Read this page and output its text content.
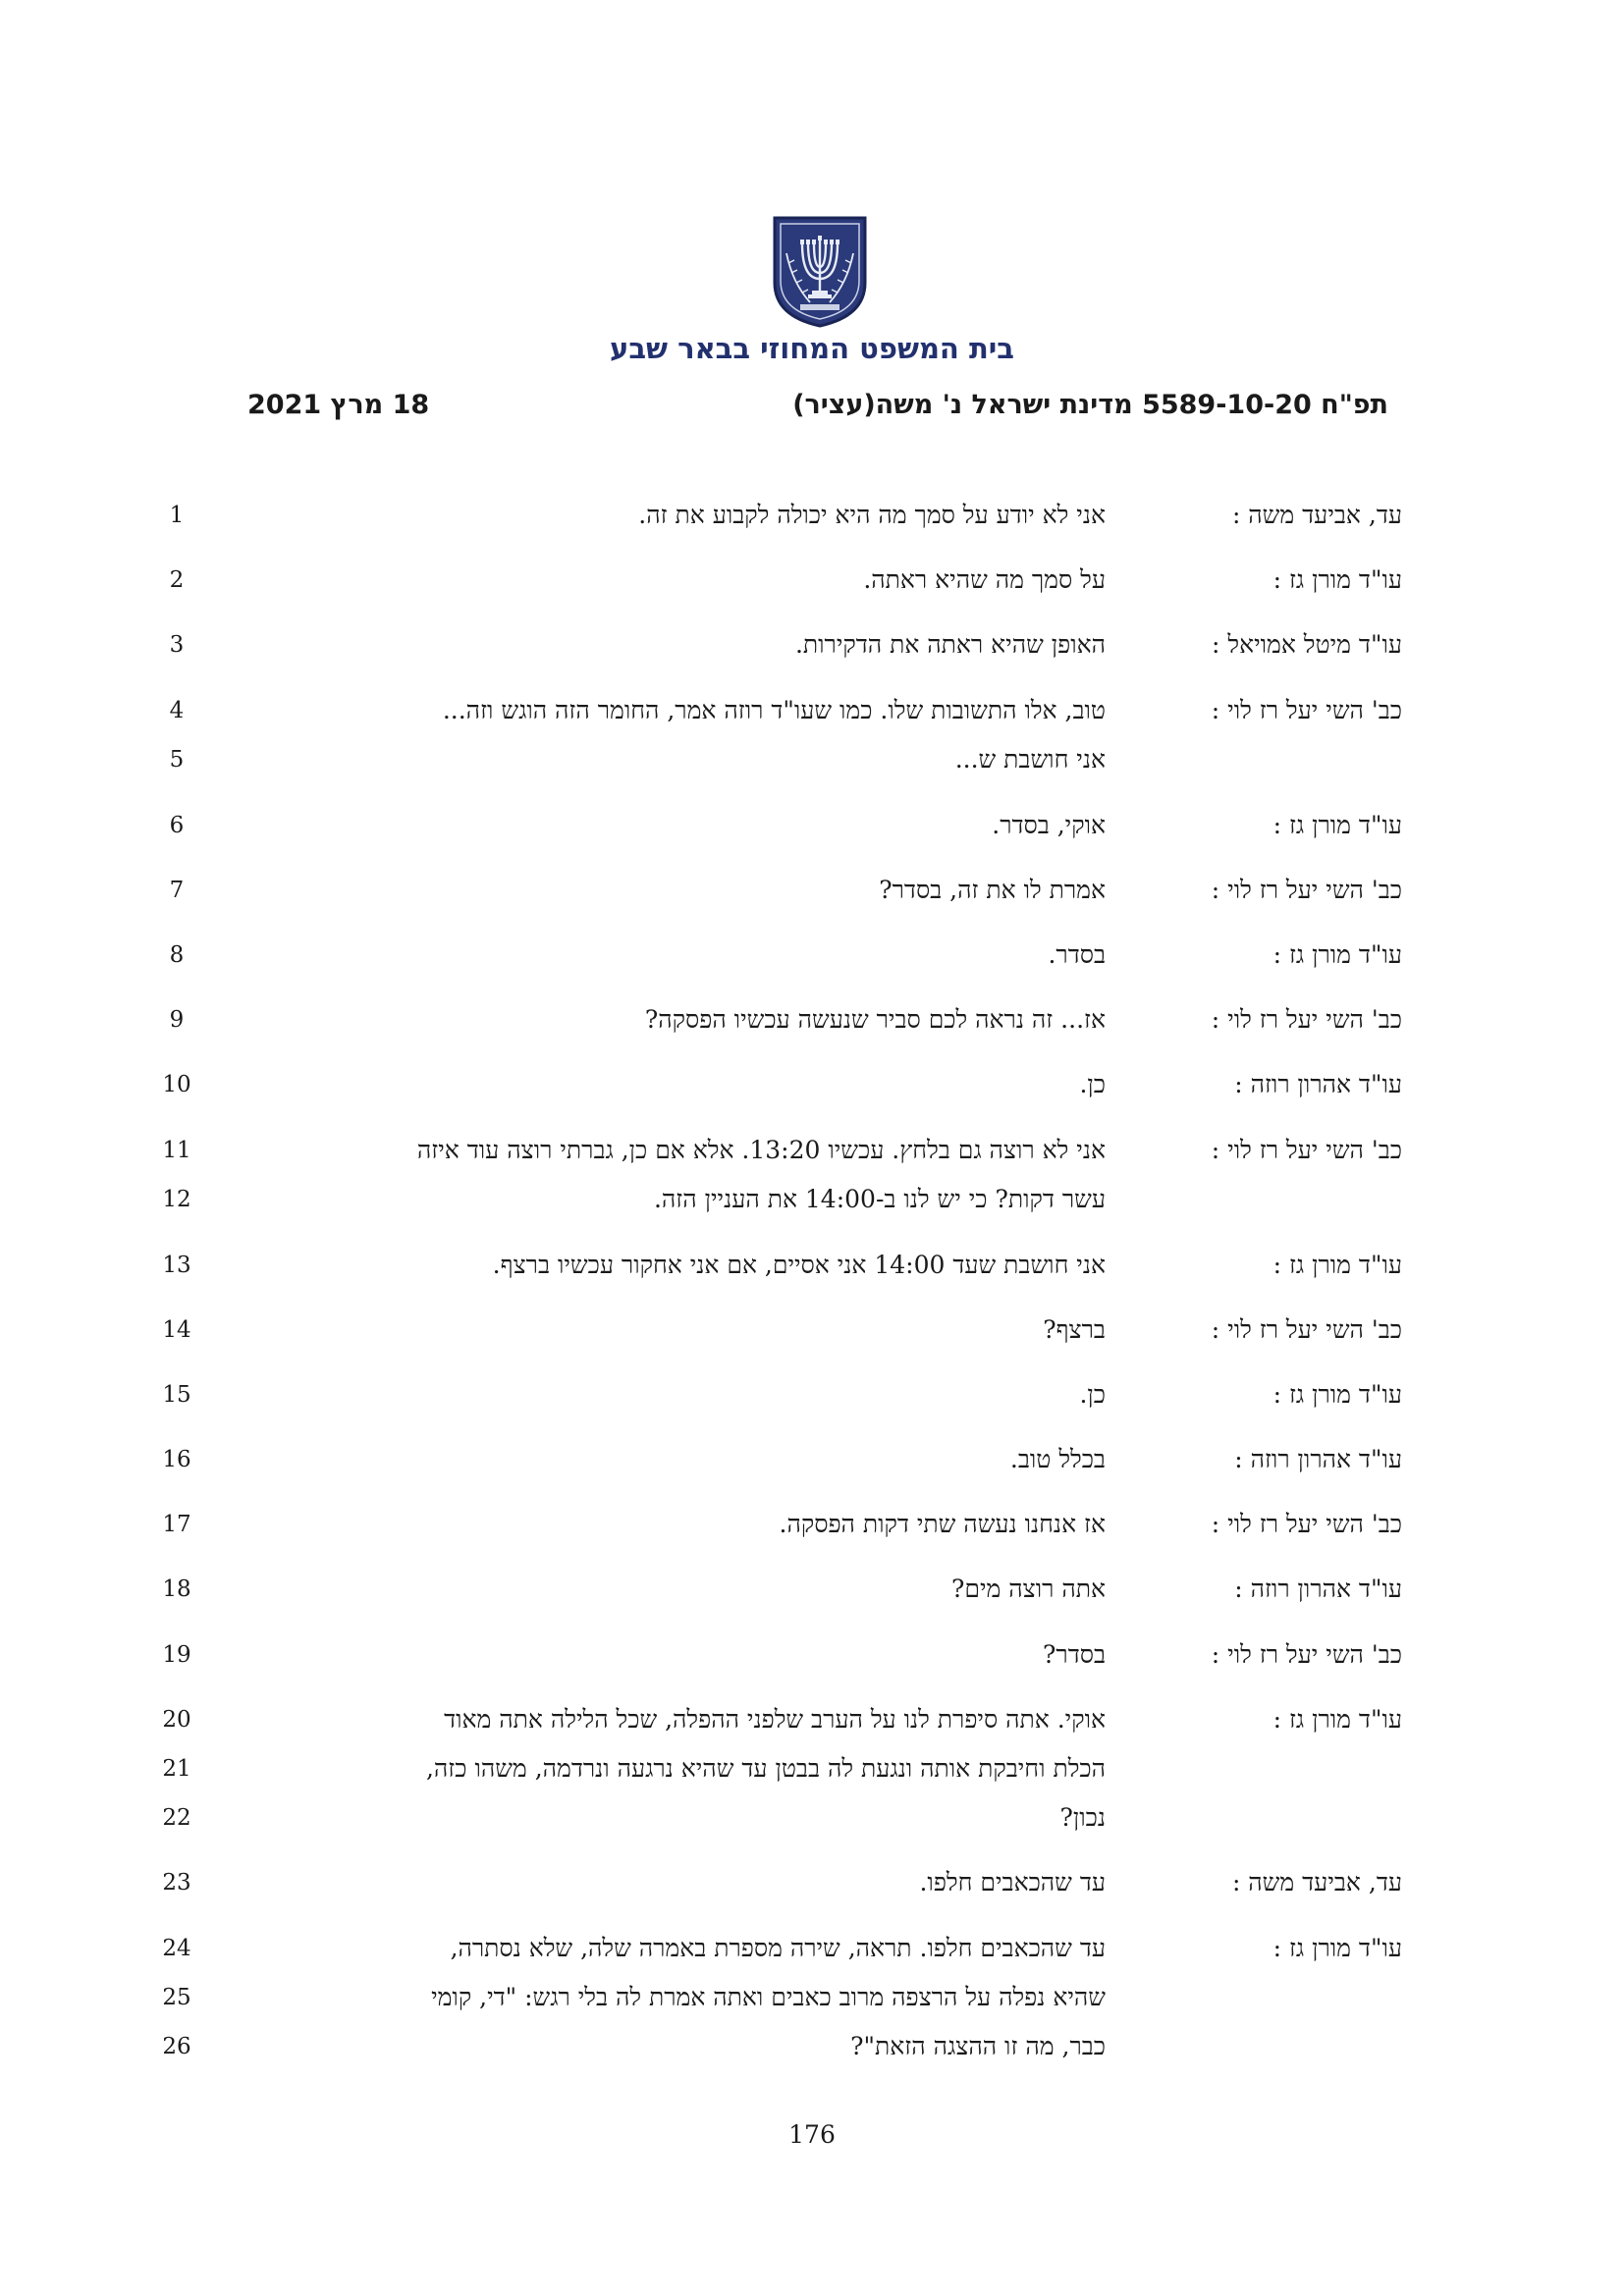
בית המשפט המחוזי בבאר שבע
תפ"ח 5589-10-20 מדינת ישראל נ' משה(עציר)
18 מרץ 2021
1	עד, אביעד משה :
אני לא יודע על סמך מה היא יכולה לקבוע את זה.
2	עו"ד מורן גז :
על סמך מה שהיא ראתה.
3	עו"ד מיטל אמויאל :
האופן שהיא ראתה את הדקירות.
4	כב' השי יעל רז לוי :
טוב, אלו התשובות שלו. כמו שעו"ד רוזה אמר, החומר הזה הוגש וזה...
5	אני חושבת ש...
6	עו"ד מורן גז :
אוקי, בסדר.
7	כב' השי יעל רז לוי :
אמרת לו את זה, בסדר?
8	עו"ד מורן גז :
בסדר.
9	כב' השי יעל רז לוי :
אז... זה נראה לכם סביר שנעשה עכשיו הפסקה?
10	עו"ד אהרון רוזה :
כן.
11	כב' השי יעל רז לוי :
אני לא רוצה גם בלחץ. עכשיו 13:20. אלא אם כן, גברתי רוצה עוד איזה
12	עשר דקות? כי יש לנו ב-14:00 את העניין הזה.
13	עו"ד מורן גז :
אני חושבת שעד 14:00 אני אסיים, אם אני אחקור עכשיו ברצף.
14	כב' השי יעל רז לוי :
ברצף?
15	עו"ד מורן גז :
כן.
16	עו"ד אהרון רוזה :
בכלל טוב.
17	כב' השי יעל רז לוי :
אז אנחנו נעשה שתי דקות הפסקה.
18	עו"ד אהרון רוזה :
אתה רוצה מים?
19	כב' השי יעל רז לוי :
בסדר?
20	עו"ד מורן גז :
אוקי. אתה סיפרת לנו על הערב שלפני ההפלה, שכל הלילה אתה מאוד
21	הכלת וחיבקת אותה ונגעת לה בבטן עד שהיא נרגעה ונרדמה, משהו כזה,
22	נכון?
23	עד, אביעד משה :
עד שהכאבים חלפו.
24	עו"ד מורן גז :
עד שהכאבים חלפו. תראה, שירה מספרת באמרה שלה, שלא נסתרה,
25	שהיא נפלה על הרצפה מרוב כאבים ואתה אמרת לה בלי רגש: "די, קומי
26	כבר, מה זו ההצגה הזאת"?
176
